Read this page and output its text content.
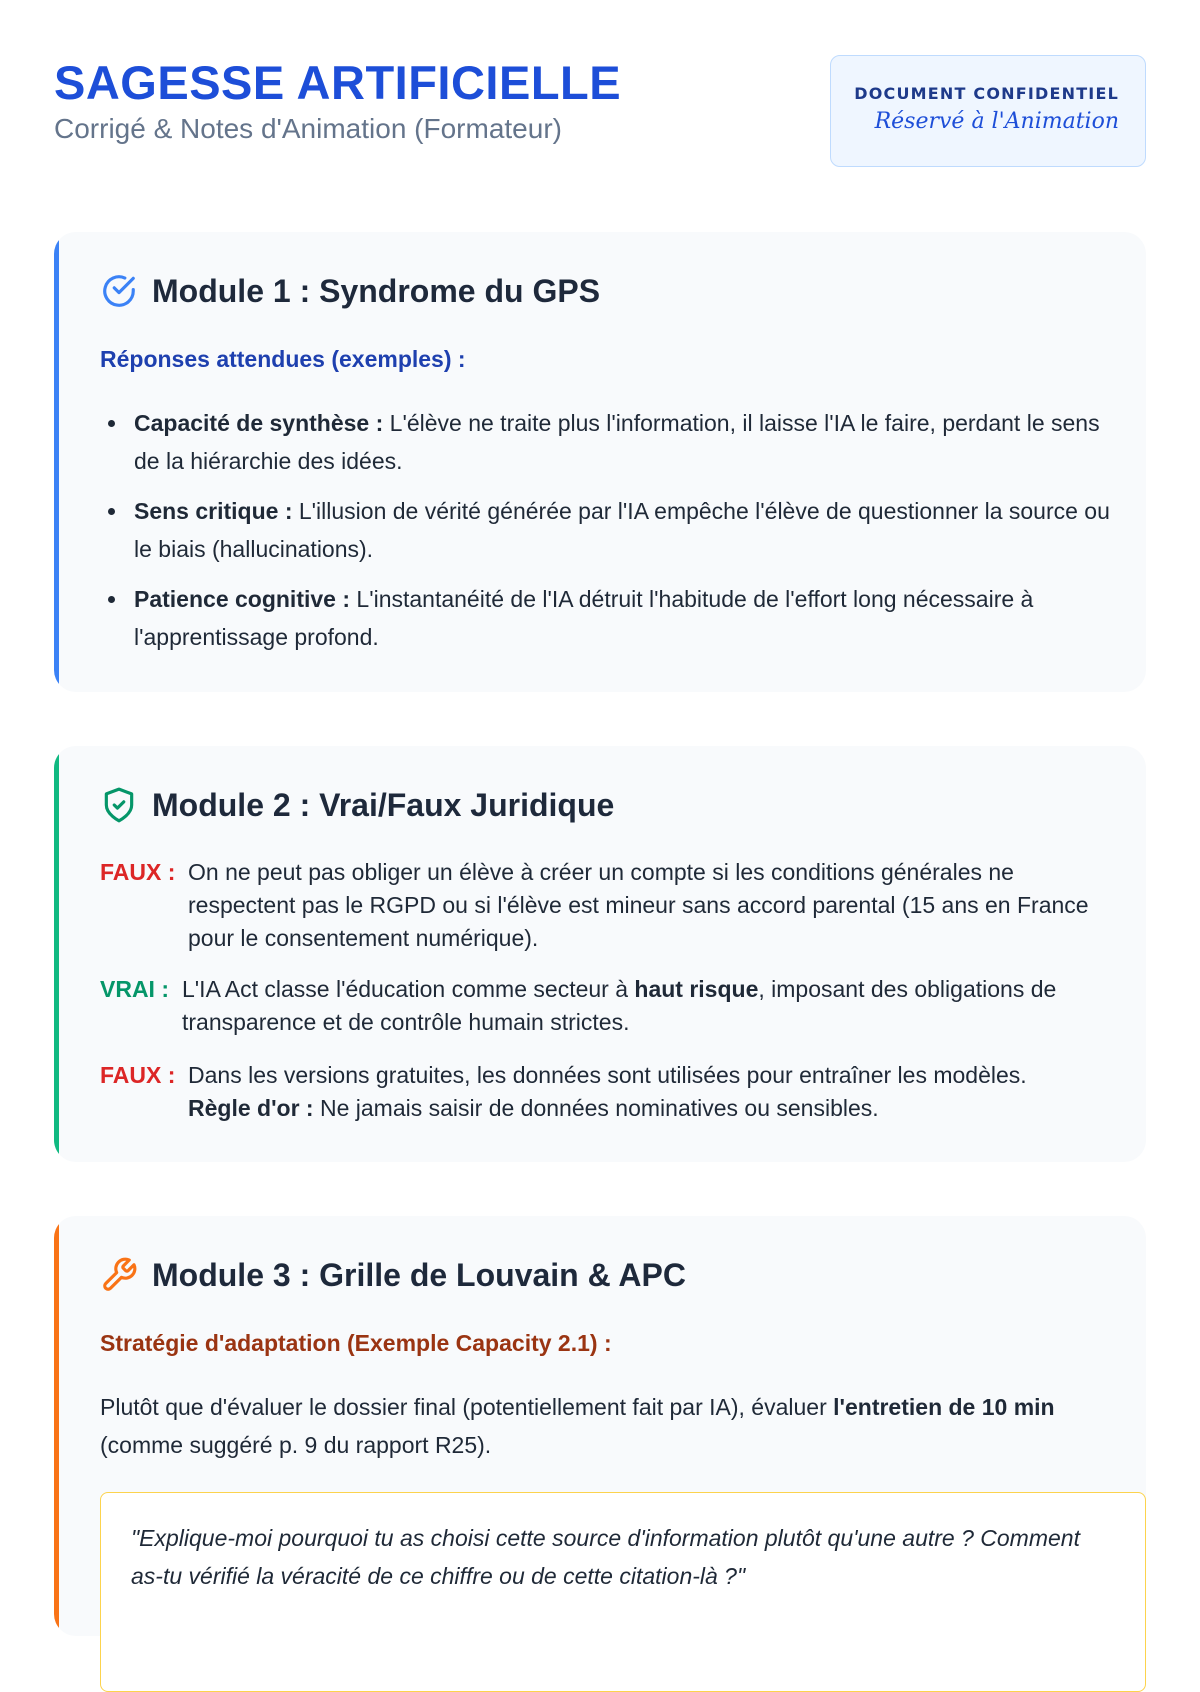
SAGESSE ARTIFICIELLE
Corrigé & Notes d'Animation (Formateur)
DOCUMENT CONFIDENTIEL
Réservé à l'Animation
Module 1 : Syndrome du GPS
Réponses attendues (exemples) :
Capacité de synthèse : L'élève ne traite plus l'information, il laisse l'IA le faire, perdant le sens de la hiérarchie des idées.
Sens critique : L'illusion de vérité générée par l'IA empêche l'élève de questionner la source ou le biais (hallucinations).
Patience cognitive : L'instantanéité de l'IA détruit l'habitude de l'effort long nécessaire à l'apprentissage profond.
Module 2 : Vrai/Faux Juridique
FAUX : On ne peut pas obliger un élève à créer un compte si les conditions générales ne respectent pas le RGPD ou si l'élève est mineur sans accord parental (15 ans en France pour le consentement numérique).
VRAI : L'IA Act classe l'éducation comme secteur à haut risque, imposant des obligations de transparence et de contrôle humain strictes.
FAUX : Dans les versions gratuites, les données sont utilisées pour entraîner les modèles.
Règle d'or : Ne jamais saisir de données nominatives ou sensibles.
Module 3 : Grille de Louvain & APC
Stratégie d'adaptation (Exemple Capacity 2.1) :
Plutôt que d'évaluer le dossier final (potentiellement fait par IA), évaluer l'entretien de 10 min (comme suggéré p. 9 du rapport R25).
"Explique-moi pourquoi tu as choisi cette source d'information plutôt qu'une autre ? Comment as-tu vérifié la véracité de ce chiffre ou de cette citation-là ?"
